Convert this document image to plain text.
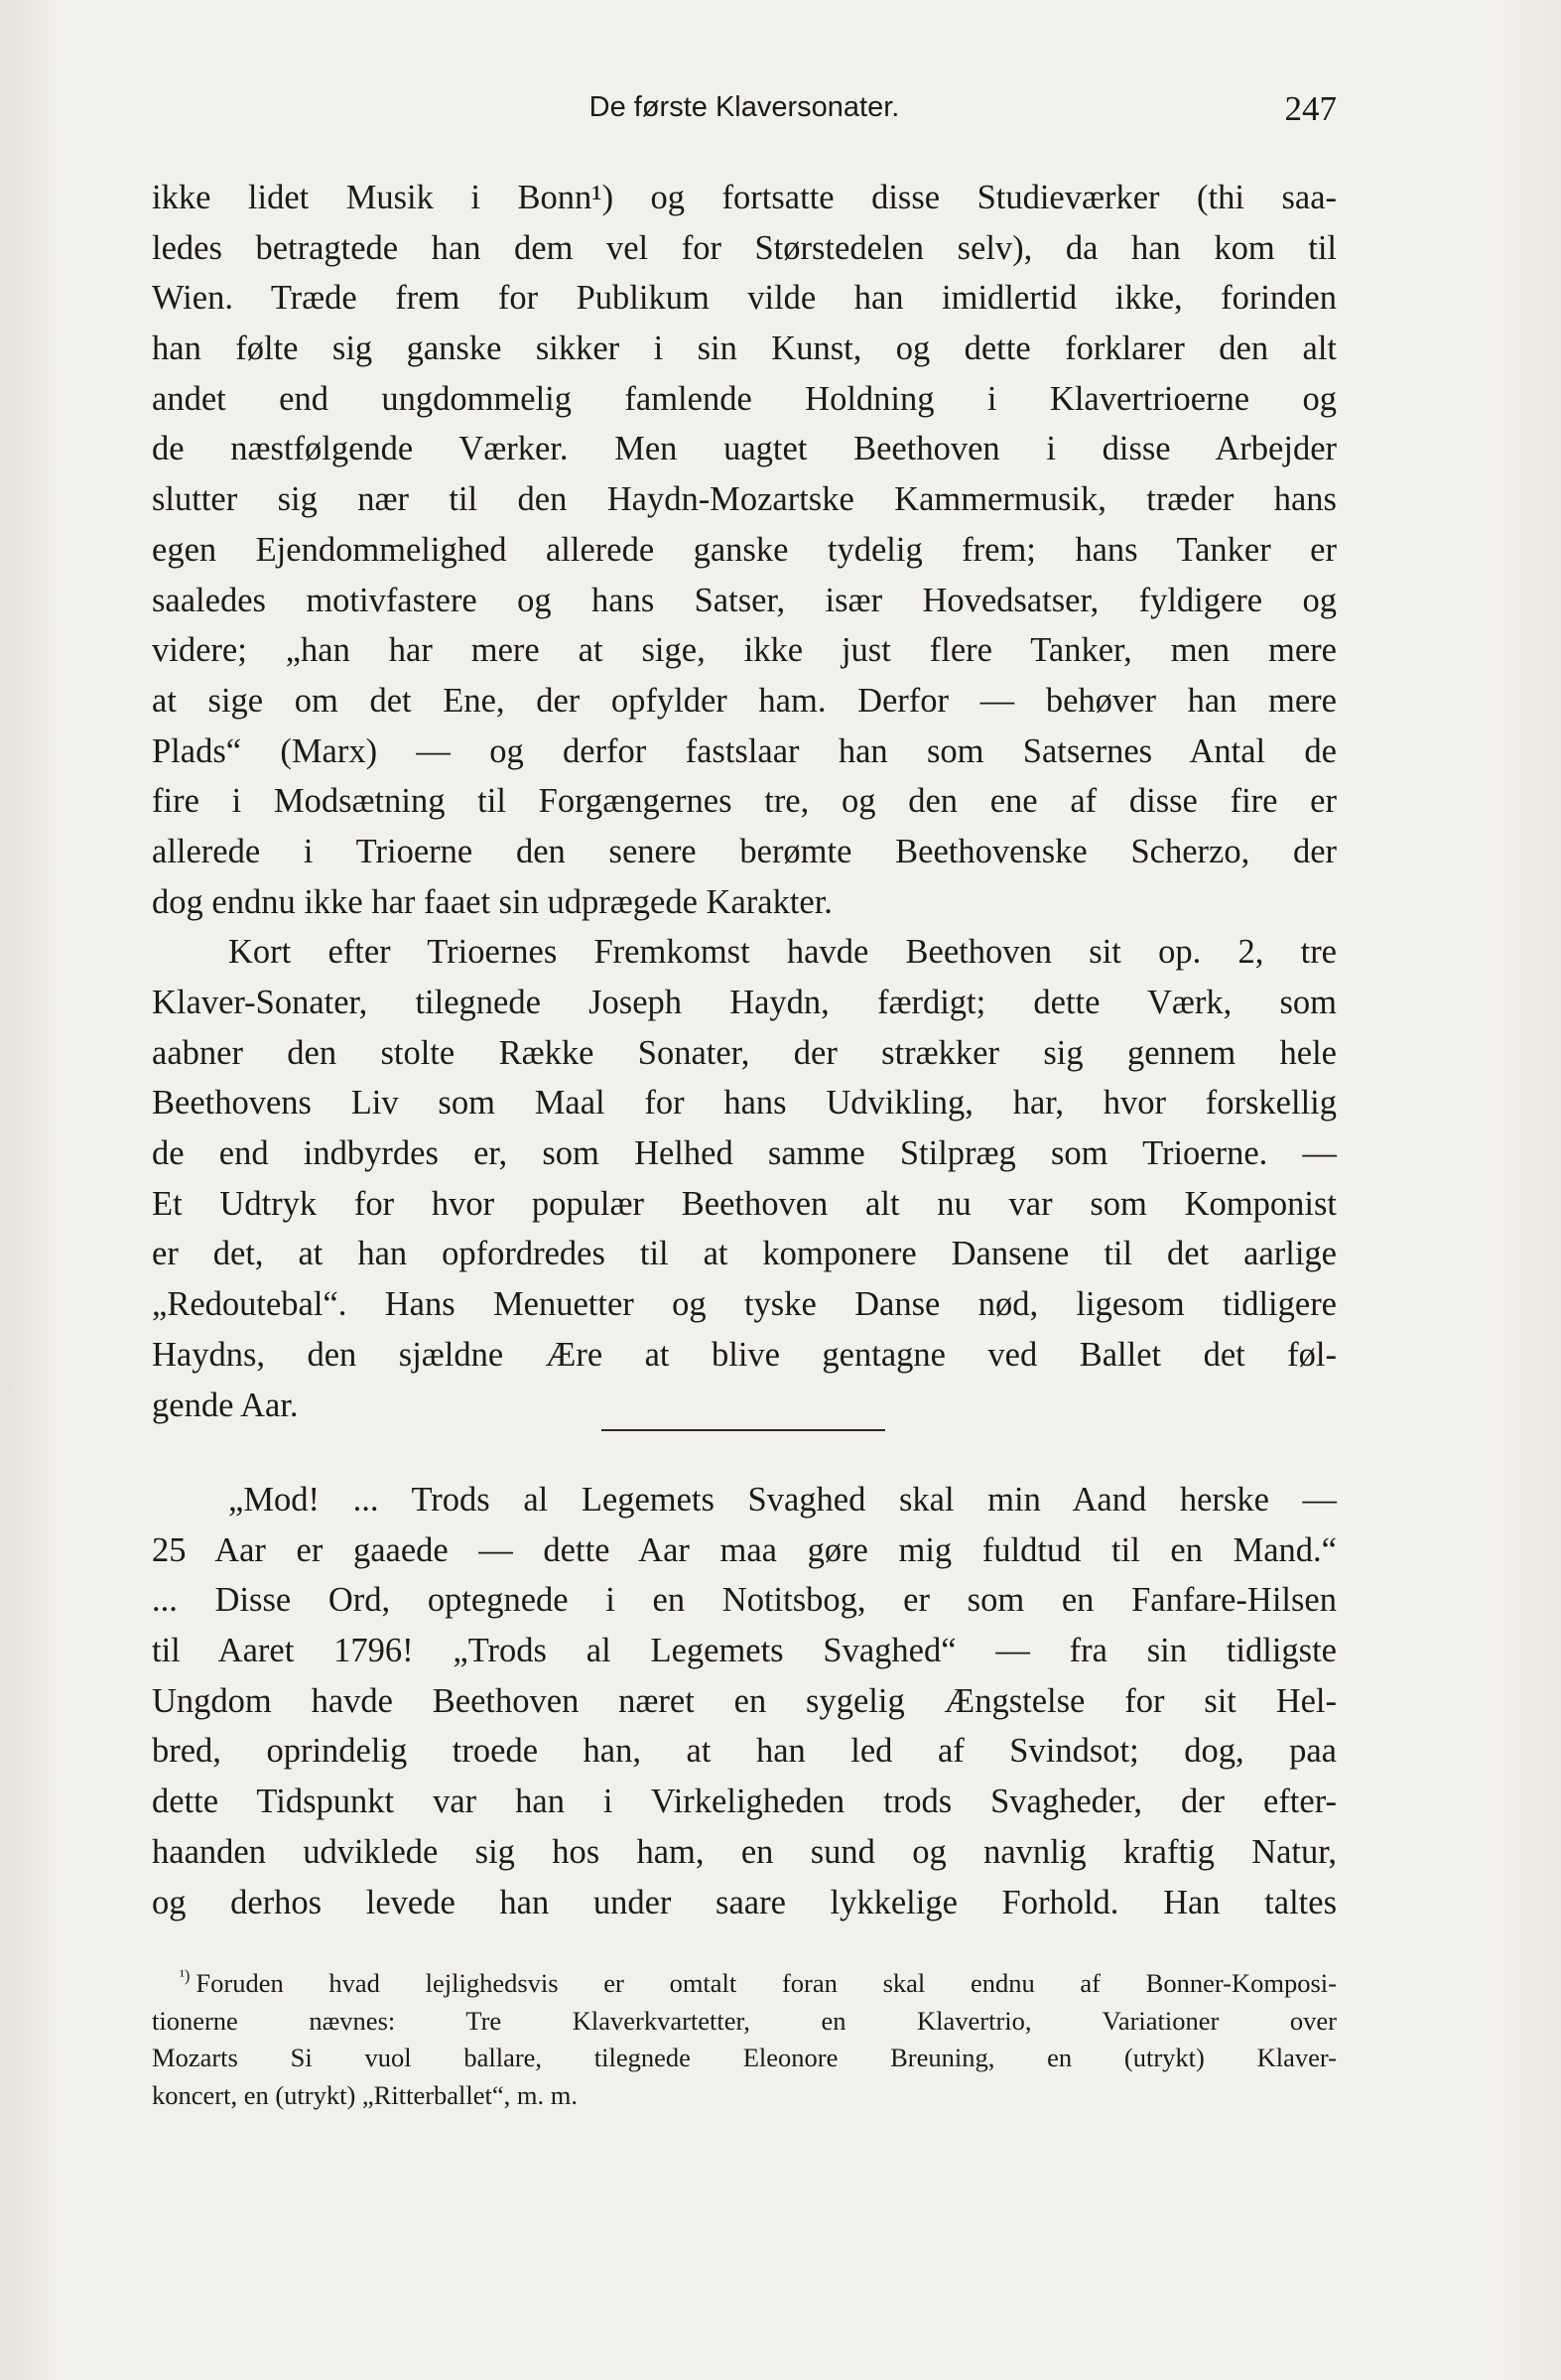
De første Klaversonater.	247
ikke lidet Musik i Bonn¹) og fortsatte disse Studieværker (thi saa-
ledes betragtede han dem vel for Størstedelen selv), da han kom til
Wien. Træde frem for Publikum vilde han imidlertid ikke, forinden
han følte sig ganske sikker i sin Kunst, og dette forklarer den alt
andet end ungdommelig famlende Holdning i Klavertrioerne og
de næstfølgende Værker. Men uagtet Beethoven i disse Arbejder
slutter sig nær til den Haydn-Mozartske Kammermusik, træder hans
egen Ejendommelighed allerede ganske tydelig frem; hans Tanker er
saaledes motivfastere og hans Satser, især Hovedsatser, fyldigere og
videre; „han har mere at sige, ikke just flere Tanker, men mere
at sige om det Ene, der opfylder ham. Derfor — behøver han mere
Plads“ (Marx) — og derfor fastslaar han som Satsernes Antal de
fire i Modsætning til Forgængernes tre, og den ene af disse fire er
allerede i Trioerne den senere berømte Beethovenske Scherzo, der
dog endnu ikke har faaet sin udprægede Karakter.
Kort efter Trioernes Fremkomst havde Beethoven sit op. 2, tre
Klaver-Sonater, tilegnede Joseph Haydn, færdigt; dette Værk, som
aabner den stolte Række Sonater, der strækker sig gennem hele
Beethovens Liv som Maal for hans Udvikling, har, hvor forskellig
de end indbyrdes er, som Helhed samme Stilpræg som Trioerne. —
Et Udtryk for hvor populær Beethoven alt nu var som Komponist
er det, at han opfordredes til at komponere Dansene til det aarlige
„Redoutebal“. Hans Menuetter og tyske Danse nød, ligesom tidligere
Haydns, den sjældne Ære at blive gentagne ved Ballet det føl-
gende Aar.
„Mod! ... Trods al Legemets Svaghed skal min Aand herske —
25 Aar er gaaede — dette Aar maa gøre mig fuldtud til en Mand.“
... Disse Ord, optegnede i en Notitsbog, er som en Fanfare-Hilsen
til Aaret 1796! „Trods al Legemets Svaghed“ — fra sin tidligste
Ungdom havde Beethoven næret en sygelig Ængstelse for sit Hel-
bred, oprindelig troede han, at han led af Svindsot; dog, paa
dette Tidspunkt var han i Virkeligheden trods Svagheder, der efter-
haanden udviklede sig hos ham, en sund og navnlig kraftig Natur,
og derhos levede han under saare lykkelige Forhold. Han taltes
$^{^1)}$ Foruden hvad lejlighedsvis er omtalt foran skal endnu af Bonner-Komposi-
tionerne nævnes: Tre Klaverkvartetter, en Klavertrio, Variationer over
Mozarts Si vuol ballare, tilegnede Eleonore Breuning, en (utrykt) Klaver-
koncert, en (utrykt) „Ritterballet“, m. m.
